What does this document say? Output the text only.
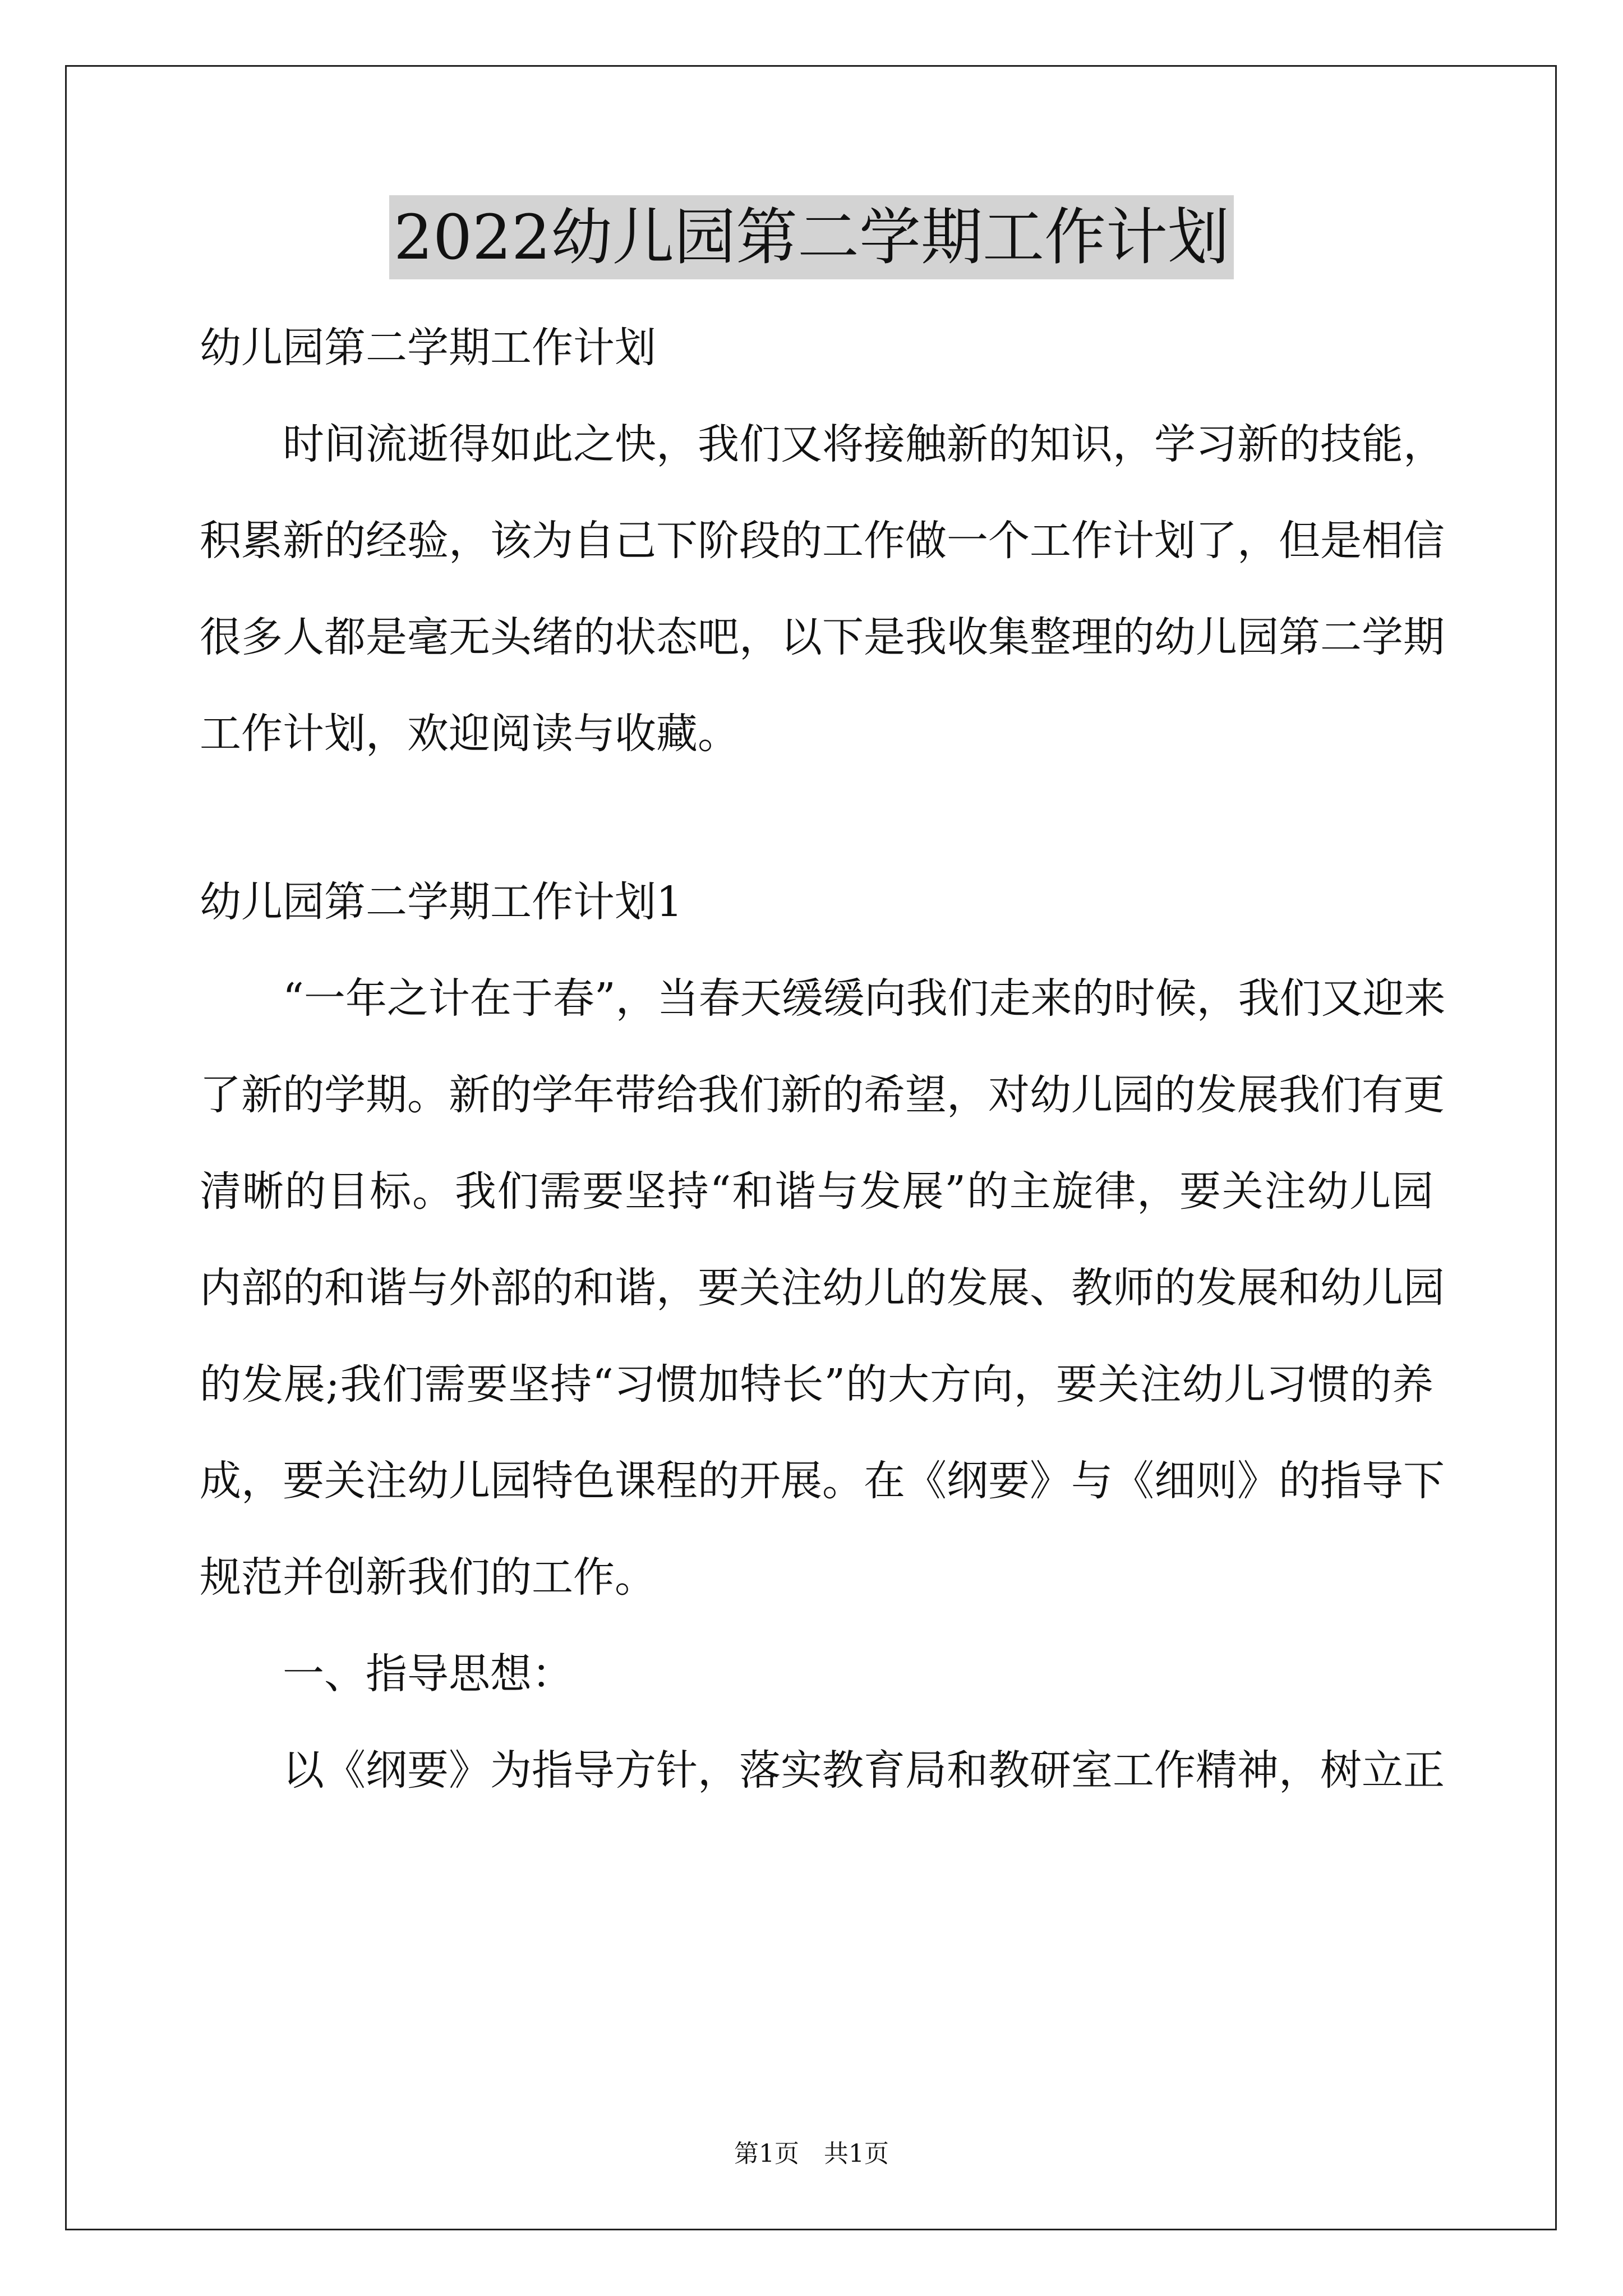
2022幼儿园第二学期工作计划
幼儿园第二学期工作计划
时间流逝得如此之快，我们又将接触新的知识，学习新的技能，
积累新的经验，该为自己下阶段的工作做一个工作计划了，但是相信
很多人都是毫无头绪的状态吧，以下是我收集整理的幼儿园第二学期
工作计划，欢迎阅读与收藏。
幼儿园第二学期工作计划1
“一年之计在于春”，当春天缓缓向我们走来的时候，我们又迎来
了新的学期。新的学年带给我们新的希望，对幼儿园的发展我们有更
清晰的目标。我们需要坚持“和谐与发展”的主旋律，要关注幼儿园
内部的和谐与外部的和谐，要关注幼儿的发展、教师的发展和幼儿园
的发展;我们需要坚持“习惯加特长”的大方向，要关注幼儿习惯的养
成，要关注幼儿园特色课程的开展。在《纲要》与《细则》的指导下
规范并创新我们的工作。
一、指导思想：
以《纲要》为指导方针，落实教育局和教研室工作精神，树立正
第1页　共1页
